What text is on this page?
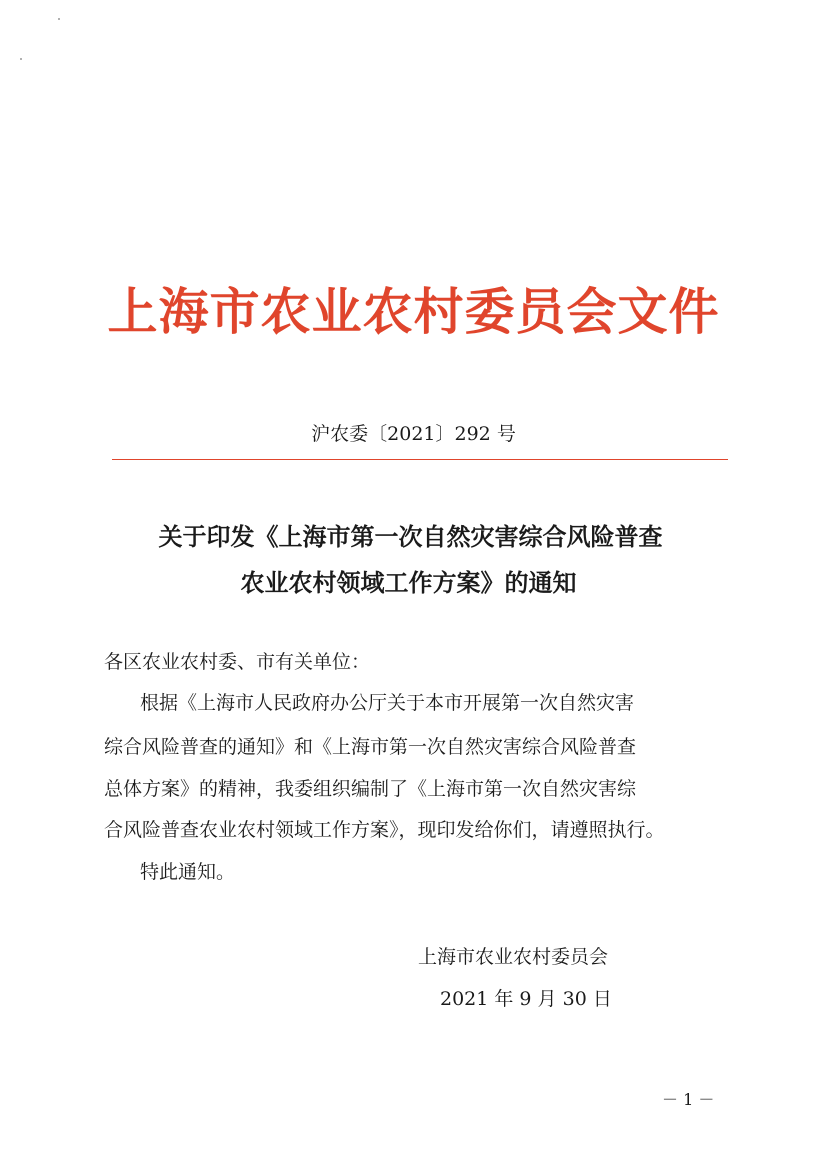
上海市农业农村委员会文件
沪农委〔2021〕292 号
关于印发《上海市第一次自然灾害综合风险普查
农业农村领域工作方案》的通知
各区农业农村委、市有关单位：
根据《上海市人民政府办公厅关于本市开展第一次自然灾害
综合风险普查的通知》和《上海市第一次自然灾害综合风险普查
总体方案》的精神，我委组织编制了《上海市第一次自然灾害综
合风险普查农业农村领域工作方案》，现印发给你们，请遵照执行。
特此通知。
上海市农业农村委员会
2021 年 9 月 30 日
－ 1 －
